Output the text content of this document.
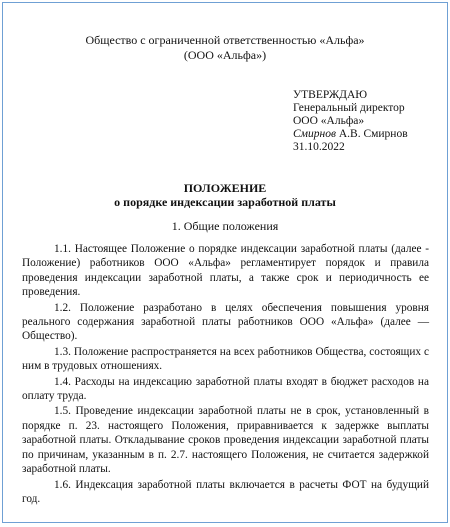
Общество с ограниченной ответственностью «Альфа»
(ООО «Альфа»)
УТВЕРЖДАЮ
Генеральный директор
ООО «Альфа»
Смирнов А.В. Смирнов
31.10.2022
ПОЛОЖЕНИЕ
о порядке индексации заработной платы
1. Общие положения

1.1. Настоящее Положение о порядке индексации заработной платы (далее - Положение) работников ООО «Альфа» регламентирует порядок и правила проведения индексации заработной платы, а также срок и периодичность ее проведения.

1.2. Положение разработано в целях обеспечения повышения уровня реального содержания заработной платы работников ООО «Альфа» (далее — Общество).

1.3. Положение распространяется на всех работников Общества, состоящих с ним в трудовых отношениях.

1.4. Расходы на индексацию заработной платы входят в бюджет расходов на оплату труда.

1.5. Проведение индексации заработной платы не в срок, установленный в порядке п. 23. настоящего Положения, приравнивается к задержке выплаты заработной платы. Откладывание сроков проведения индексации заработной платы по причинам, указанным в п. 2.7. настоящего Положения, не считается задержкой заработной платы.

1.6. Индексация заработной платы включается в расчеты ФОТ на будущий год.
